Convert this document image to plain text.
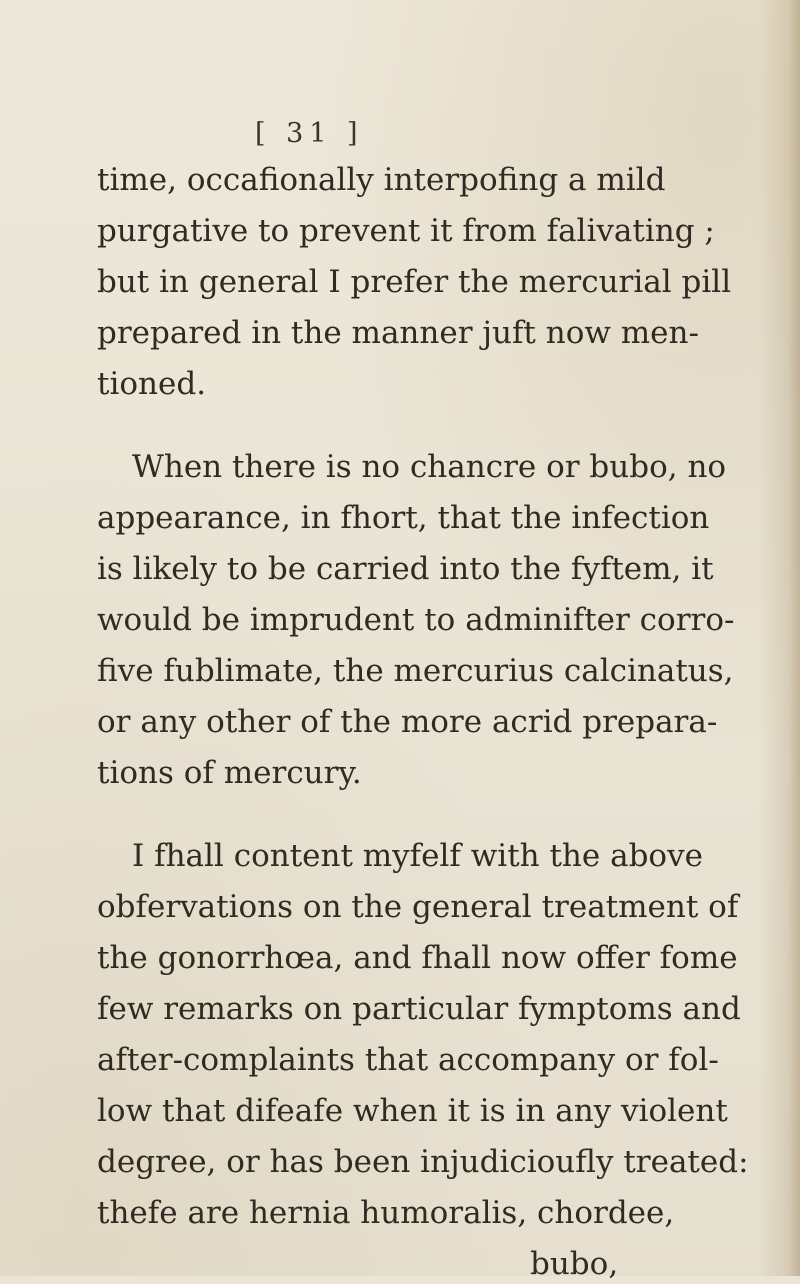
[ 31 ]
time, occafionally interpofing a mild
purgative to prevent it from falivating ;
but in general I prefer the mercurial pill
prepared in the manner juft now men-
tioned.
When there is no chancre or bubo, no
appearance, in fhort, that the infection
is likely to be carried into the fyftem, it
would be imprudent to adminifter corro-
five fublimate, the mercurius calcinatus,
or any other of the more acrid prepara-
tions of mercury.
I fhall content myfelf with the above
obfervations on the general treatment of
the gonorrhœa, and fhall now offer fome
few remarks on particular fymptoms and
after-complaints that accompany or fol-
low that difeafe when it is in any violent
degree, or has been injudicioufly treated:
thefe are hernia humoralis, chordee,
bubo,
